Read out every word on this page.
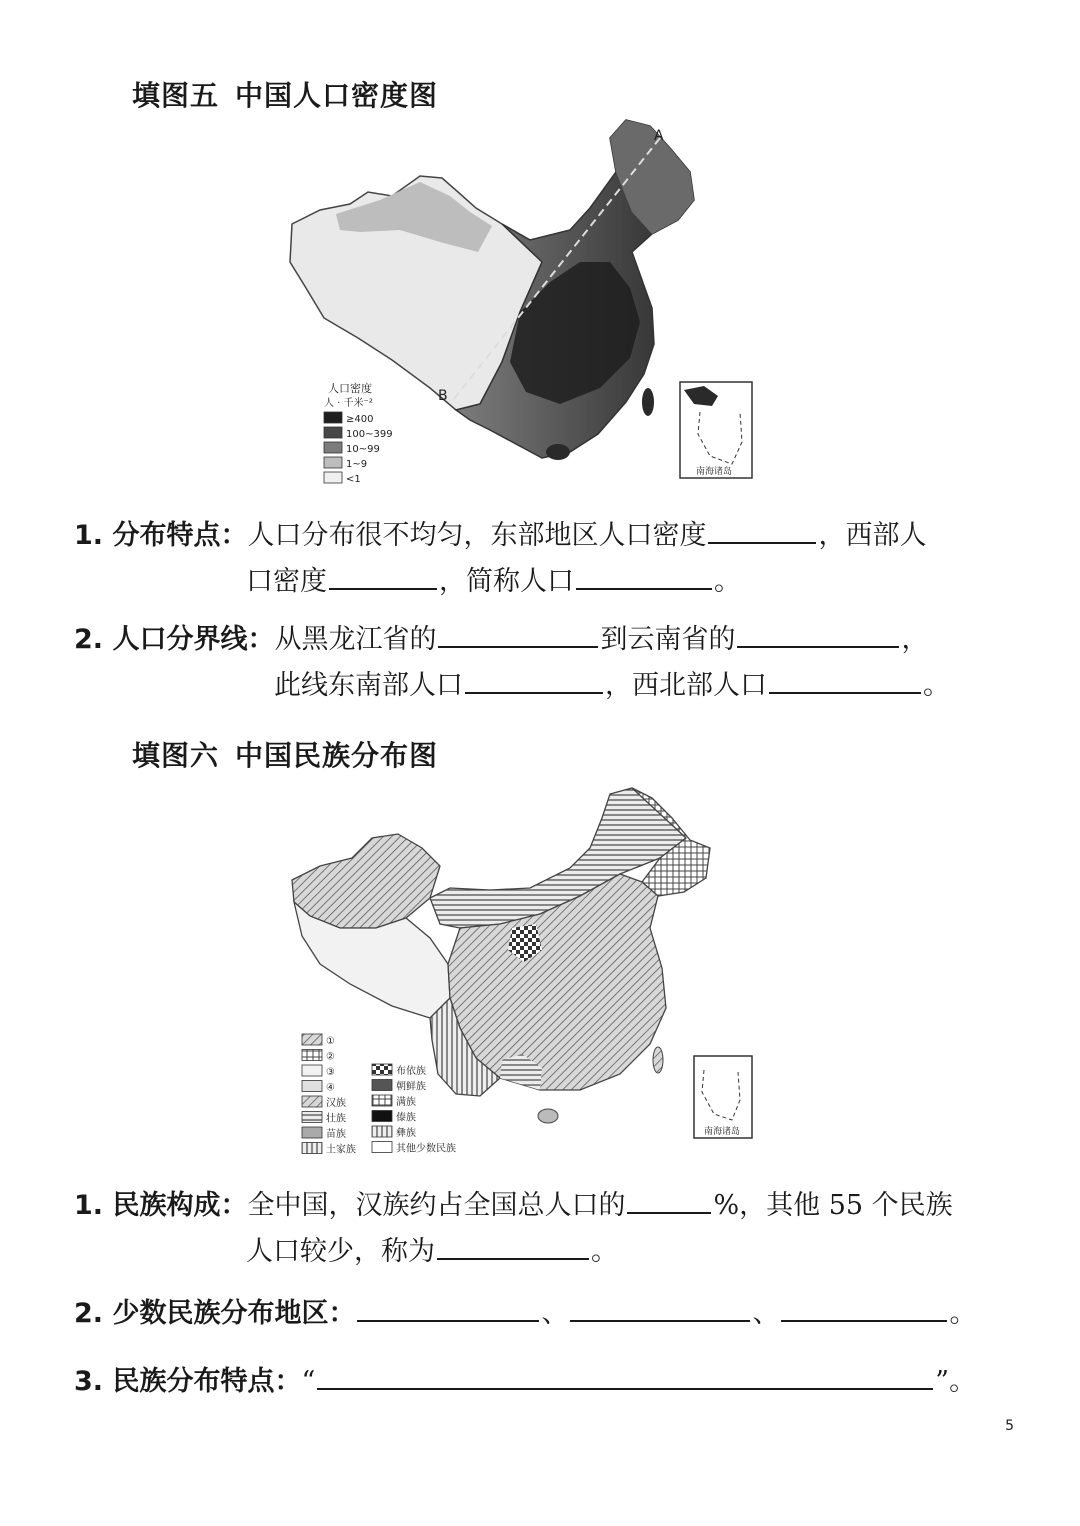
填图五 中国人口密度图
A
B
人口密度
人 · 千米⁻²
≥400
100~399
10~99
1~9
<1
南海诸岛
1. 分布特点：人口分布很不均匀，东部地区人口密度	，西部人
口密度	，简称人口	。
2. 人口分界线：从黑龙江省的	到云南省的	，
此线东南部人口	，西北部人口	。
填图六 中国民族分布图
①
②
③
④
汉族
壮族
苗族
土家族
布依族
朝鲜族
满族
傣族
彝族
其他少数民族
南海诸岛
1. 民族构成：全中国，汉族约占全国总人口的	%，其他 55 个民族
人口较少，称为	。
2. 少数民族分布地区：	、	、	。
3. 民族分布特点：“	”。
5
